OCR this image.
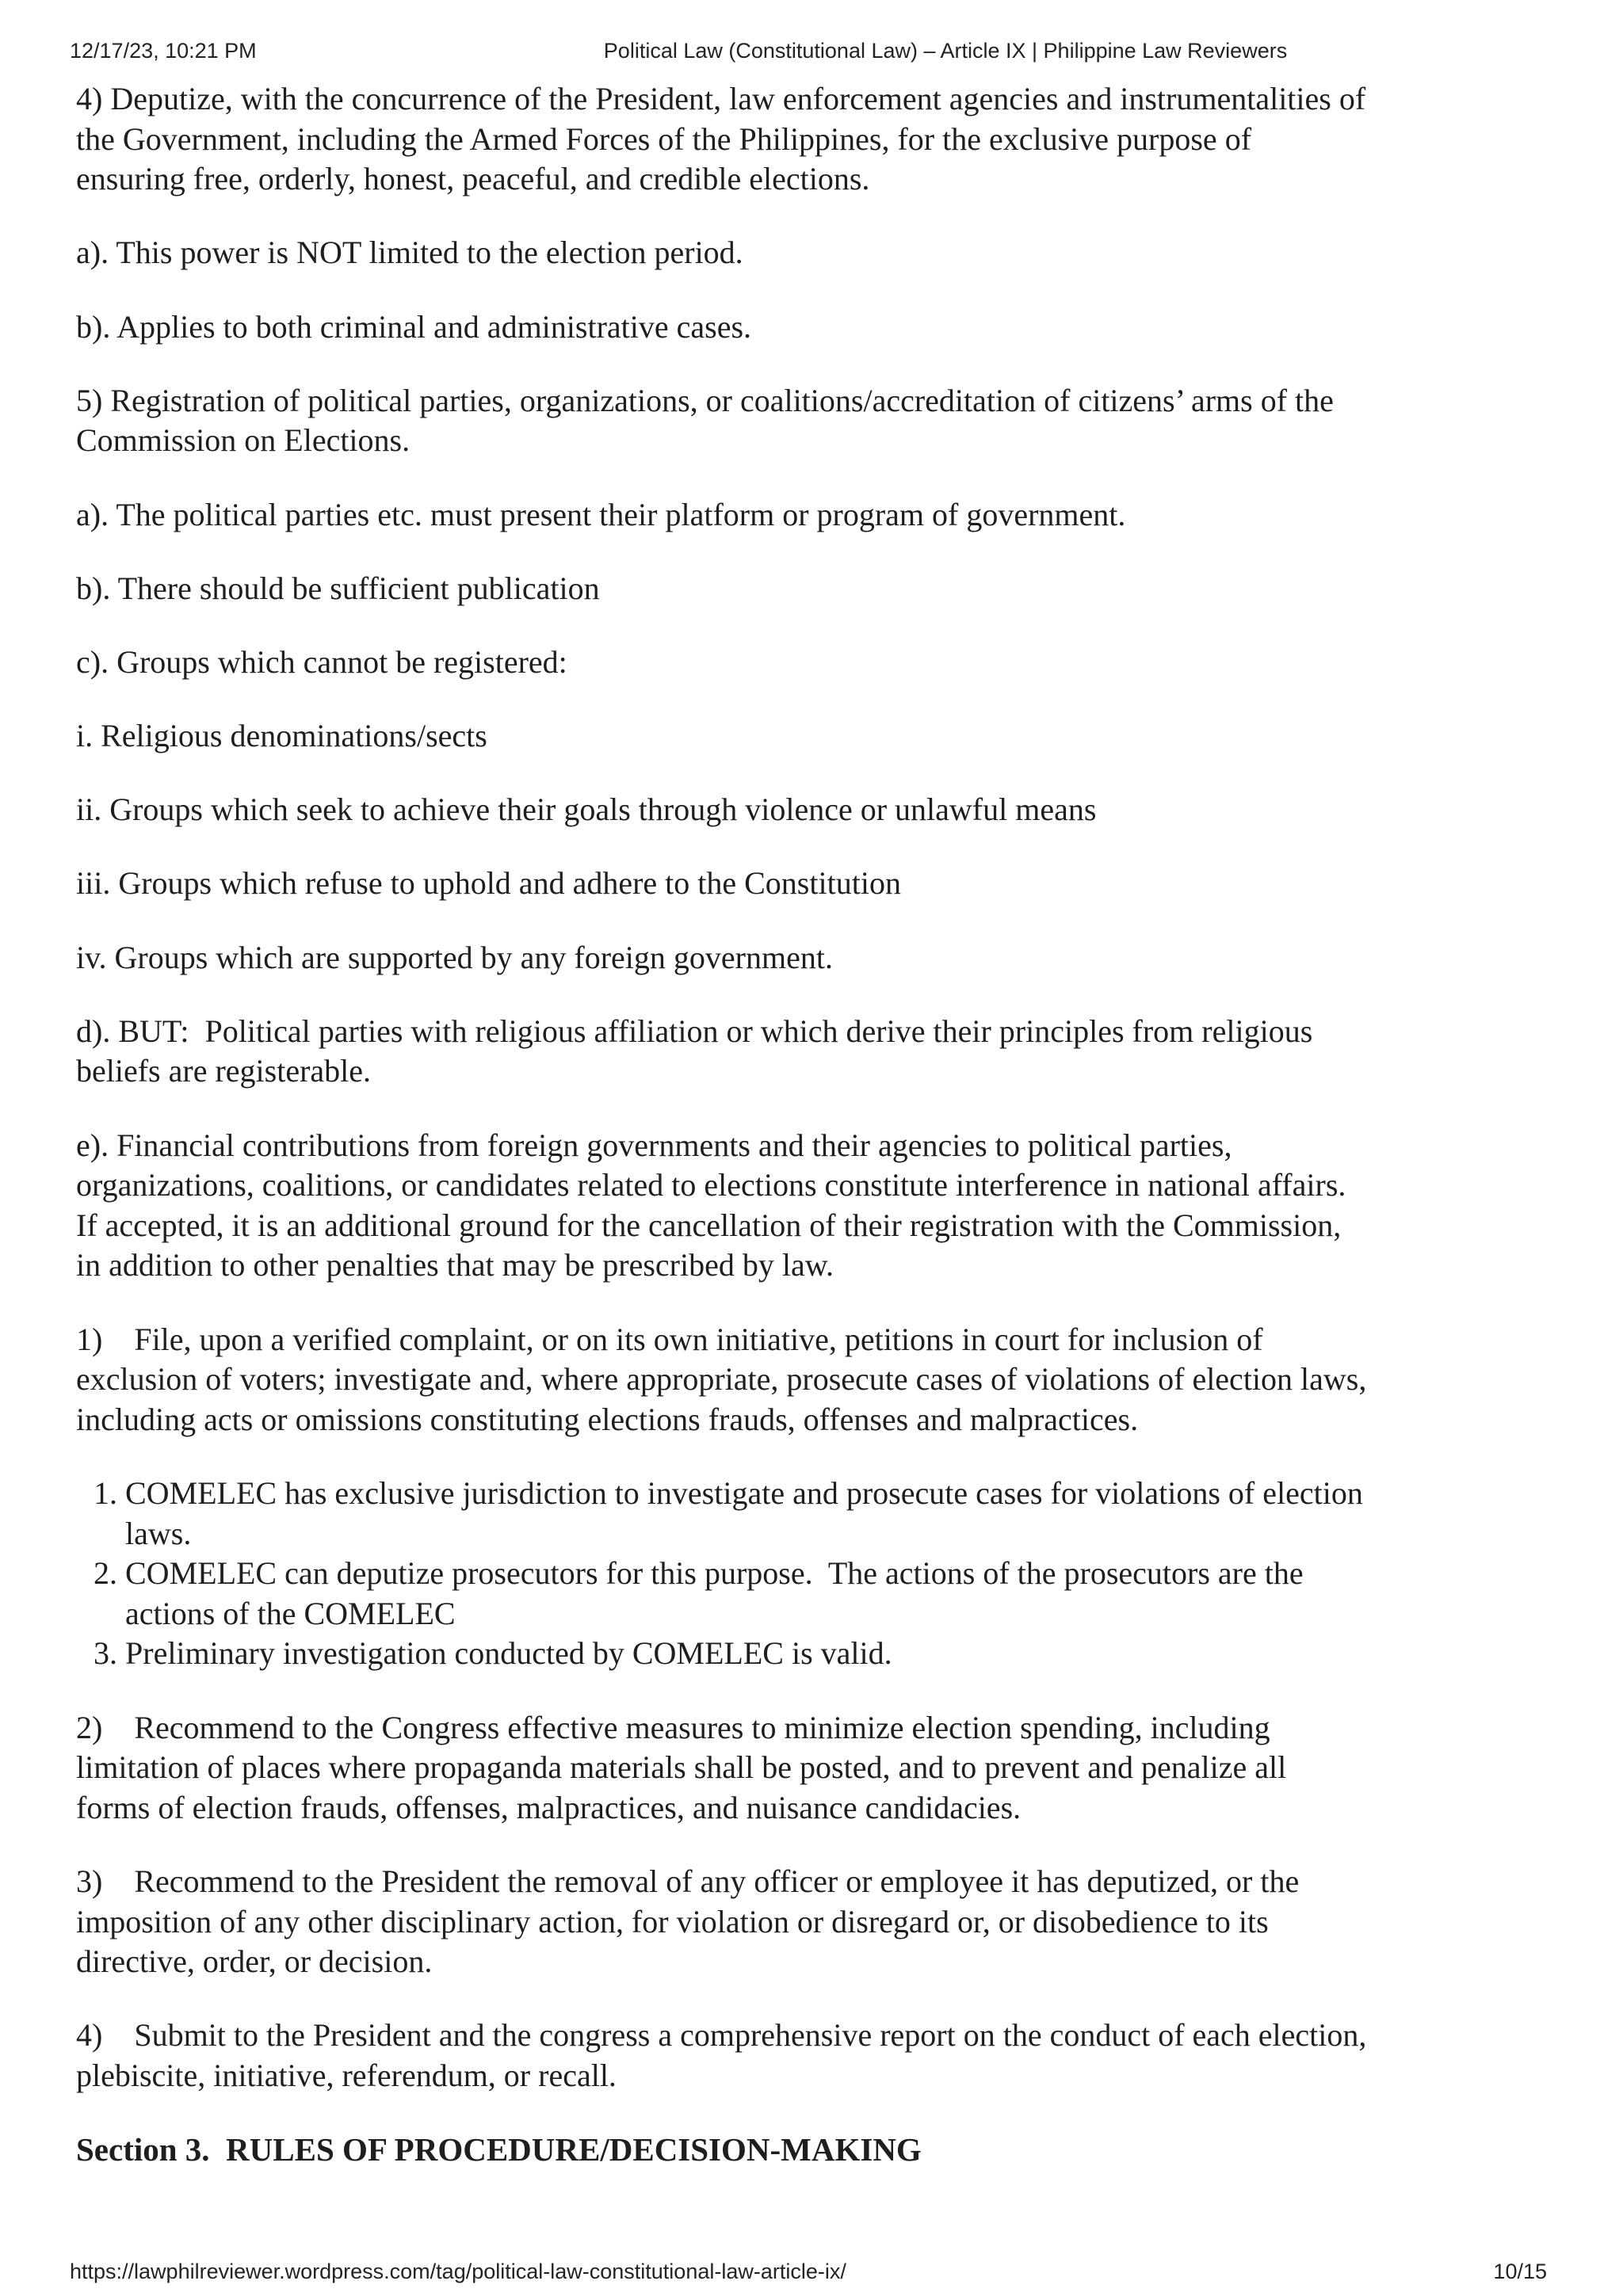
12/17/23, 10:21 PM	Political Law (Constitutional Law) – Article IX | Philippine Law Reviewers

4) Deputize, with the concurrence of the President, law enforcement agencies and instrumentalities of
the Government, including the Armed Forces of the Philippines, for the exclusive purpose of
ensuring free, orderly, honest, peaceful, and credible elections.

a). This power is NOT limited to the election period.

b). Applies to both criminal and administrative cases.

5) Registration of political parties, organizations, or coalitions/accreditation of citizens’ arms of the
Commission on Elections.

a). The political parties etc. must present their platform or program of government.

b). There should be sufficient publication

c). Groups which cannot be registered:

i. Religious denominations/sects

ii. Groups which seek to achieve their goals through violence or unlawful means

iii. Groups which refuse to uphold and adhere to the Constitution

iv. Groups which are supported by any foreign government.

d). BUT:  Political parties with religious affiliation or which derive their principles from religious
beliefs are registerable.

e). Financial contributions from foreign governments and their agencies to political parties,
organizations, coalitions, or candidates related to elections constitute interference in national affairs.
If accepted, it is an additional ground for the cancellation of their registration with the Commission,
in addition to other penalties that may be prescribed by law.

1)    File, upon a verified complaint, or on its own initiative, petitions in court for inclusion of
exclusion of voters; investigate and, where appropriate, prosecute cases of violations of election laws,
including acts or omissions constituting elections frauds, offenses and malpractices.

1. COMELEC has exclusive jurisdiction to investigate and prosecute cases for violations of election
laws.
2. COMELEC can deputize prosecutors for this purpose.  The actions of the prosecutors are the
actions of the COMELEC
3. Preliminary investigation conducted by COMELEC is valid.

2)    Recommend to the Congress effective measures to minimize election spending, including
limitation of places where propaganda materials shall be posted, and to prevent and penalize all
forms of election frauds, offenses, malpractices, and nuisance candidacies.

3)    Recommend to the President the removal of any officer or employee it has deputized, or the
imposition of any other disciplinary action, for violation or disregard or, or disobedience to its
directive, order, or decision.

4)    Submit to the President and the congress a comprehensive report on the conduct of each election,
plebiscite, initiative, referendum, or recall.

Section 3.  RULES OF PROCEDURE/DECISION-MAKING
https://lawphilreviewer.wordpress.com/tag/political-law-constitutional-law-article-ix/	10/15
